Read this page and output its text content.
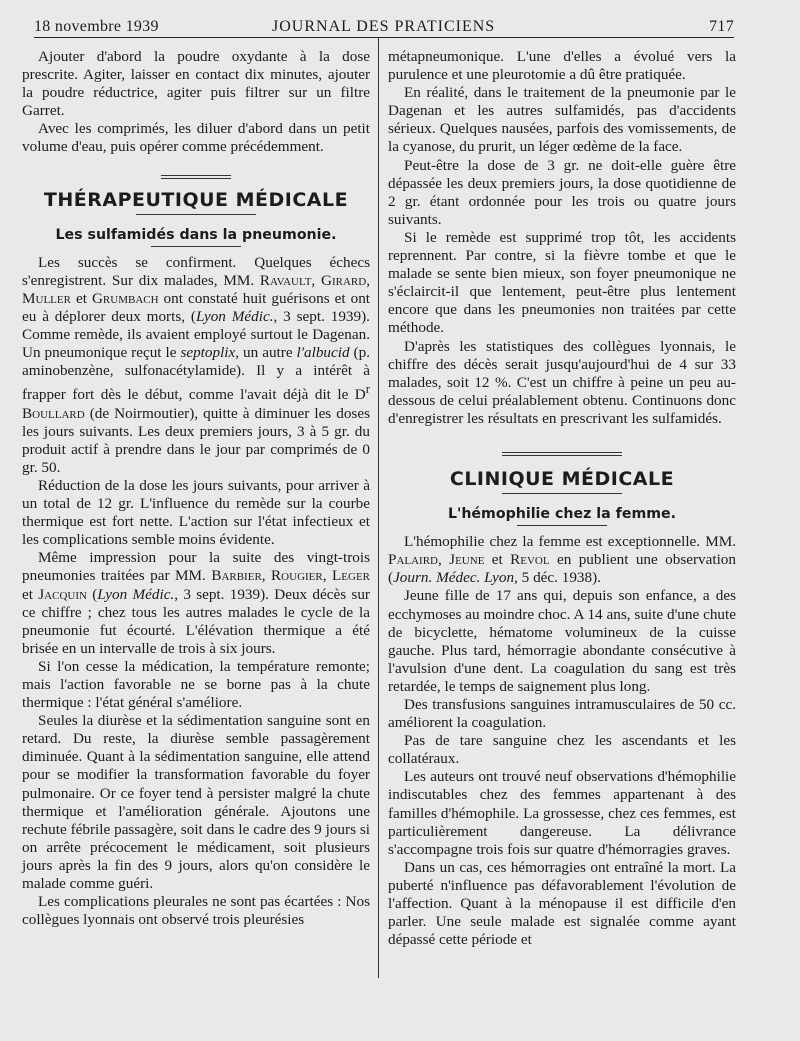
18 novembre 1939	JOURNAL DES PRATICIENS	717

Ajouter d'abord la poudre oxydante à la dose prescrite. Agiter, laisser en contact dix minutes, ajouter la poudre réductrice, agiter puis filtrer sur un filtre Garret.

Avec les comprimés, les diluer d'abord dans un petit volume d'eau, puis opérer comme précédemment.

THÉRAPEUTIQUE MÉDICALE
Les sulfamidés dans la pneumonie.

Les succès se confirment. Quelques échecs s'enregistrent. Sur dix malades, MM. Ravault, Girard, Muller et Grumbach ont constaté huit guérisons et ont eu à déplorer deux morts, (Lyon Médic., 3 sept. 1939). Comme remède, ils avaient employé surtout le Dagenan. Un pneumonique reçut le septoplix, un autre l'albucid (p. aminobenzène, sulfonacétylamide). Il y a intérêt à frapper fort dès le début, comme l'avait déjà dit le $D^r$ Boullard (de Noirmoutier), quitte à diminuer les doses les jours suivants. Les deux premiers jours, 3 à 5 gr. du produit actif à prendre dans le jour par comprimés de 0 gr. 50.

Réduction de la dose les jours suivants, pour arriver à un total de 12 gr. L'influence du remède sur la courbe thermique est fort nette. L'action sur l'état infectieux et les complications semble moins évidente.

Même impression pour la suite des vingt-trois pneumonies traitées par MM. Barbier, Rougier, Leger et Jacquin (Lyon Médic., 3 sept. 1939). Deux décès sur ce chiffre ; chez tous les autres malades le cycle de la pneumonie fut écourté. L'élévation thermique a été brisée en un intervalle de trois à six jours.

Si l'on cesse la médication, la température remonte; mais l'action favorable ne se borne pas à la chute thermique : l'état général s'améliore.

Seules la diurèse et la sédimentation sanguine sont en retard. Du reste, la diurèse semble passagèrement diminuée. Quant à la sédimentation sanguine, elle attend pour se modifier la transformation favorable du foyer pulmonaire. Or ce foyer tend à persister malgré la chute thermique et l'amélioration générale. Ajoutons une rechute fébrile passagère, soit dans le cadre des 9 jours si on arrête précocement le médicament, soit plusieurs jours après la fin des 9 jours, alors qu'on considère le malade comme guéri.

Les complications pleurales ne sont pas écartées : Nos collègues lyonnais ont observé trois pleurésies

métapneumonique. L'une d'elles a évolué vers la purulence et une pleurotomie a dû être pratiquée.

En réalité, dans le traitement de la pneumonie par le Dagenan et les autres sulfamidés, pas d'accidents sérieux. Quelques nausées, parfois des vomissements, de la cyanose, du prurit, un léger œdème de la face.

Peut-être la dose de 3 gr. ne doit-elle guère être dépassée les deux premiers jours, la dose quotidienne de 2 gr. étant ordonnée pour les trois ou quatre jours suivants.

Si le remède est supprimé trop tôt, les accidents reprennent. Par contre, si la fièvre tombe et que le malade se sente bien mieux, son foyer pneumonique ne s'éclaircit-il que lentement, peut-être plus lentement encore que dans les pneumonies non traitées par cette méthode.

D'après les statistiques des collègues lyonnais, le chiffre des décès serait jusqu'aujourd'hui de 4 sur 33 malades, soit 12 %. C'est un chiffre à peine un peu au-dessous de celui préalablement obtenu. Continuons donc d'enregistrer les résultats en prescrivant les sulfamidés.

CLINIQUE MÉDICALE
L'hémophilie chez la femme.

L'hémophilie chez la femme est exceptionnelle. MM. Palaird, Jeune et Revol en publient une observation (Journ. Médec. Lyon, 5 déc. 1938).

Jeune fille de 17 ans qui, depuis son enfance, a des ecchymoses au moindre choc. A 14 ans, suite d'une chute de bicyclette, hématome volumineux de la cuisse gauche. Plus tard, hémorragie abondante consécutive à l'avulsion d'une dent. La coagulation du sang est très retardée, le temps de saignement plus long.

Des transfusions sanguines intramusculaires de 50 cc. améliorent la coagulation.

Pas de tare sanguine chez les ascendants et les collatéraux.

Les auteurs ont trouvé neuf observations d'hémophilie indiscutables chez des femmes appartenant à des familles d'hémophile. La grossesse, chez ces femmes, est particulièrement dangereuse. La délivrance s'accompagne trois fois sur quatre d'hémorragies graves.

Dans un cas, ces hémorragies ont entraîné la mort. La puberté n'influence pas défavorablement l'évolution de l'affection. Quant à la ménopause il est difficile d'en parler. Une seule malade est signalée comme ayant dépassé cette période et
